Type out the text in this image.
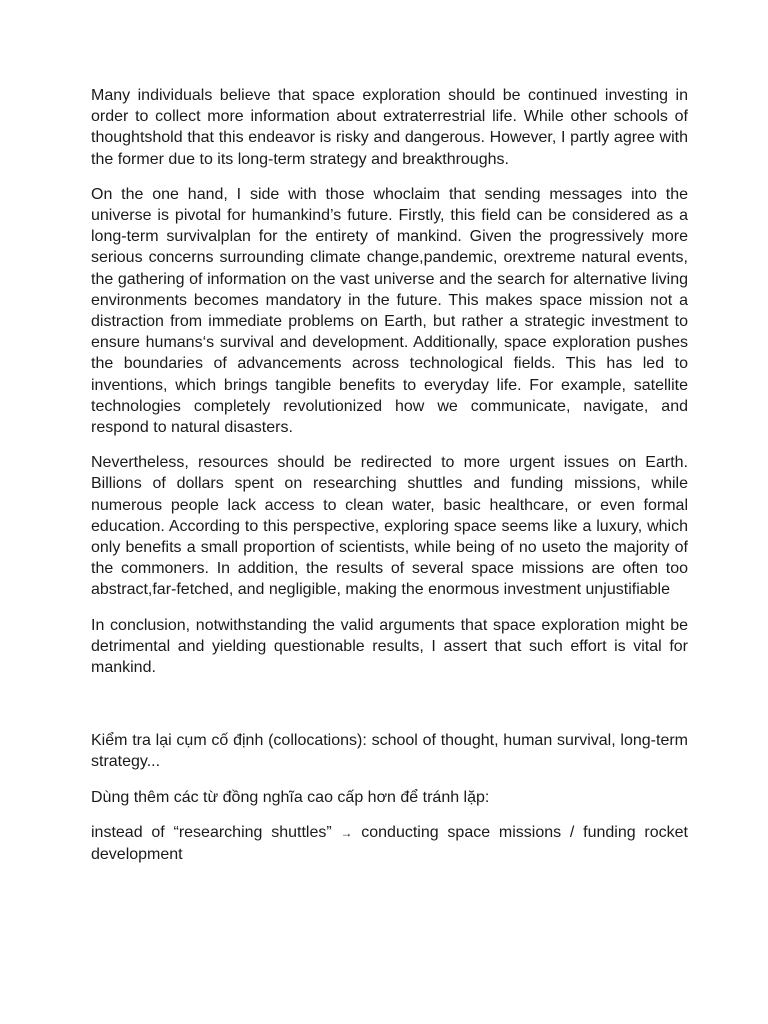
Many individuals believe that space exploration should be continued investing in order to collect more information about extraterrestrial life. While other schools of thoughtshold that this endeavor is risky and dangerous. However, I partly agree with the former due to its long-term strategy and breakthroughs.

On the one hand, I side with those whoclaim that sending messages into the universe is pivotal for humankind’s future. Firstly, this field can be considered as a long-term survivalplan for the entirety of mankind. Given the progressively more serious concerns surrounding climate change,pandemic, orextreme natural events, the gathering of information on the vast universe and the search for alternative living environments becomes mandatory in the future. This makes space mission not a distraction from immediate problems on Earth, but rather a strategic investment to ensure humans‘s survival and development. Additionally, space exploration pushes the boundaries of advancements across technological fields. This has led to inventions, which brings tangible benefits to everyday life. For example, satellite technologies completely revolutionized how we communicate, navigate, and respond to natural disasters.

Nevertheless, resources should be redirected to more urgent issues on Earth. Billions of dollars spent on researching shuttles and funding missions, while numerous people lack access to clean water, basic healthcare, or even formal education. According to this perspective, exploring space seems like a luxury, which only benefits a small proportion of scientists, while being of no useto the majority of the commoners. In addition, the results of several space missions are often too abstract,far-fetched, and negligible, making the enormous investment unjustifiable

In conclusion, notwithstanding the valid arguments that space exploration might be detrimental and yielding questionable results, I assert that such effort is vital for mankind.

Kiểm tra lại cụm cố định (collocations): school of thought, human survival, long-term strategy...

Dùng thêm các từ đồng nghĩa cao cấp hơn để tránh lặp:

instead of “researching shuttles” → conducting space missions / funding rocket development
